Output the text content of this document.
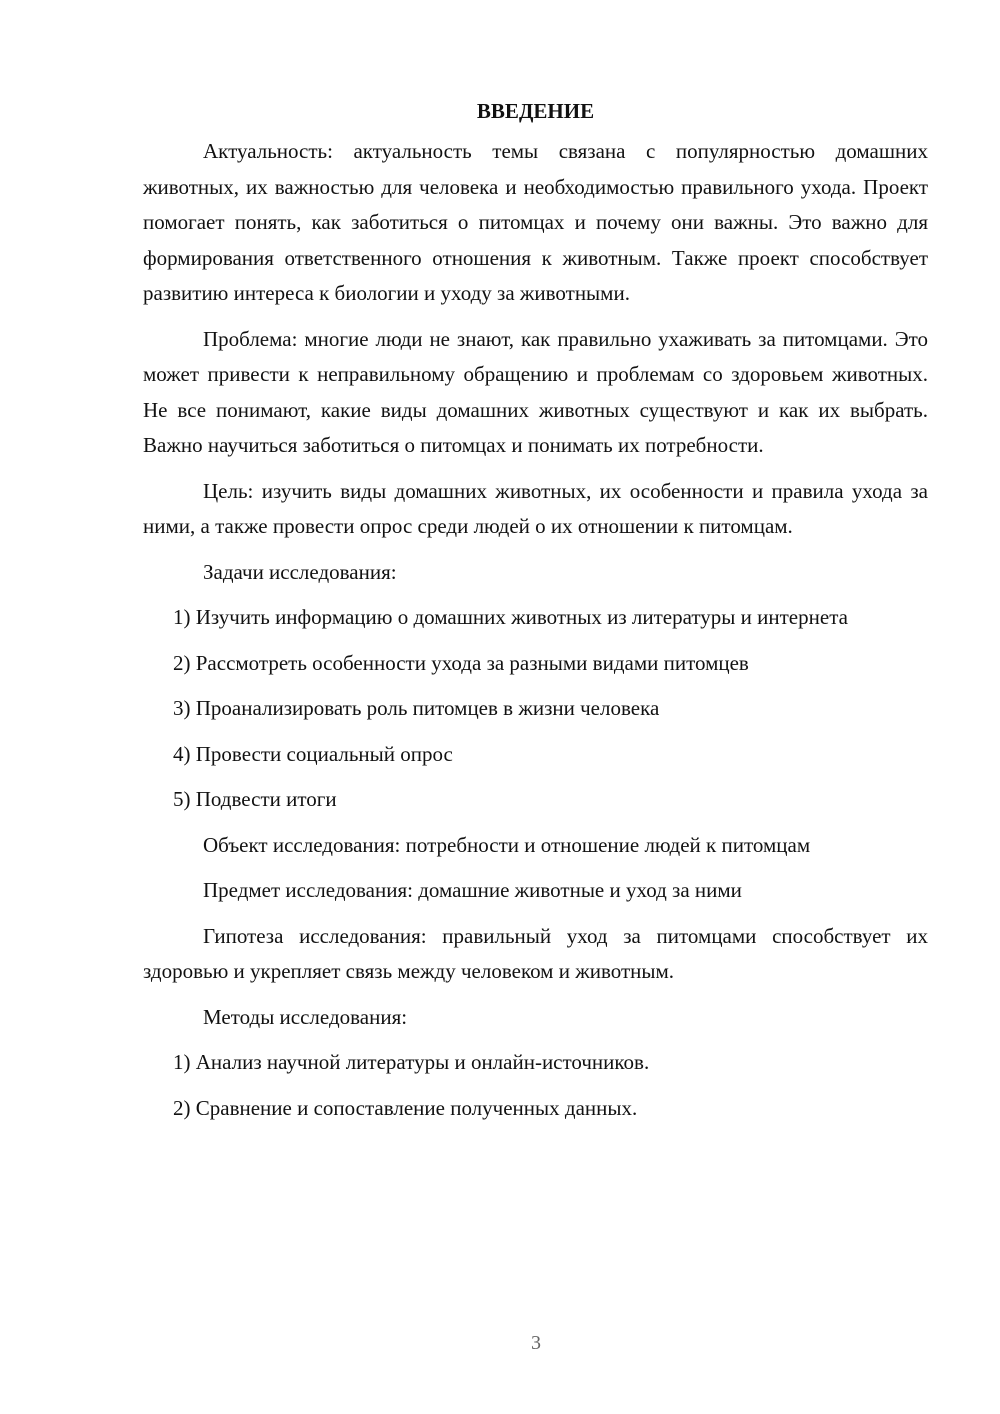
ВВЕДЕНИЕ

Актуальность: актуальность темы связана с популярностью домашних животных, их важностью для человека и необходимостью правильного ухода. Проект помогает понять, как заботиться о питомцах и почему они важны. Это важно для формирования ответственного отношения к животным. Также проект способствует развитию интереса к биологии и уходу за животными.

Проблема: многие люди не знают, как правильно ухаживать за питомцами. Это может привести к неправильному обращению и проблемам со здоровьем животных. Не все понимают, какие виды домашних животных существуют и как их выбрать. Важно научиться заботиться о питомцах и понимать их потребности.

Цель: изучить виды домашних животных, их особенности и правила ухода за ними, а также провести опрос среди людей о их отношении к питомцам.

Задачи исследования:

1) Изучить информацию о домашних животных из литературы и интернета

2) Рассмотреть особенности ухода за разными видами питомцев

3) Проанализировать роль питомцев в жизни человека

4) Провести социальный опрос

5) Подвести итоги

Объект исследования: потребности и отношение людей к питомцам

Предмет исследования: домашние животные и уход за ними

Гипотеза исследования: правильный уход за питомцами способствует их здоровью и укрепляет связь между человеком и животным.

Методы исследования:

1) Анализ научной литературы и онлайн-источников.

2) Сравнение и сопоставление полученных данных.

3
